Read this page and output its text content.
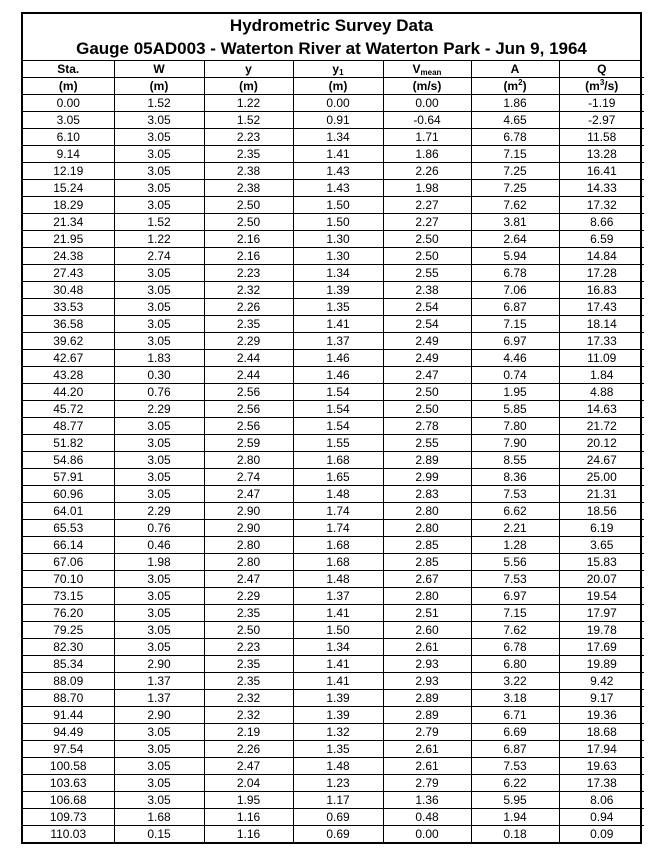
Hydrometric Survey Data
Gauge 05AD003 - Waterton River at Waterton Park - Jun 9, 1964
Sta.	W	y	$y_1$	$V_{mean}$	A	Q
(m)	(m)	(m)	(m)	(m/s)	$(m^2)$	$(m^3/s)$
0.00	1.52	1.22	0.00	0.00	1.86	-1.19
3.05	3.05	1.52	0.91	-0.64	4.65	-2.97
6.10	3.05	2.23	1.34	1.71	6.78	11.58
9.14	3.05	2.35	1.41	1.86	7.15	13.28
12.19	3.05	2.38	1.43	2.26	7.25	16.41
15.24	3.05	2.38	1.43	1.98	7.25	14.33
18.29	3.05	2.50	1.50	2.27	7.62	17.32
21.34	1.52	2.50	1.50	2.27	3.81	8.66
21.95	1.22	2.16	1.30	2.50	2.64	6.59
24.38	2.74	2.16	1.30	2.50	5.94	14.84
27.43	3.05	2.23	1.34	2.55	6.78	17.28
30.48	3.05	2.32	1.39	2.38	7.06	16.83
33.53	3.05	2.26	1.35	2.54	6.87	17.43
36.58	3.05	2.35	1.41	2.54	7.15	18.14
39.62	3.05	2.29	1.37	2.49	6.97	17.33
42.67	1.83	2.44	1.46	2.49	4.46	11.09
43.28	0.30	2.44	1.46	2.47	0.74	1.84
44.20	0.76	2.56	1.54	2.50	1.95	4.88
45.72	2.29	2.56	1.54	2.50	5.85	14.63
48.77	3.05	2.56	1.54	2.78	7.80	21.72
51.82	3.05	2.59	1.55	2.55	7.90	20.12
54.86	3.05	2.80	1.68	2.89	8.55	24.67
57.91	3.05	2.74	1.65	2.99	8.36	25.00
60.96	3.05	2.47	1.48	2.83	7.53	21.31
64.01	2.29	2.90	1.74	2.80	6.62	18.56
65.53	0.76	2.90	1.74	2.80	2.21	6.19
66.14	0.46	2.80	1.68	2.85	1.28	3.65
67.06	1.98	2.80	1.68	2.85	5.56	15.83
70.10	3.05	2.47	1.48	2.67	7.53	20.07
73.15	3.05	2.29	1.37	2.80	6.97	19.54
76.20	3.05	2.35	1.41	2.51	7.15	17.97
79.25	3.05	2.50	1.50	2.60	7.62	19.78
82.30	3.05	2.23	1.34	2.61	6.78	17.69
85.34	2.90	2.35	1.41	2.93	6.80	19.89
88.09	1.37	2.35	1.41	2.93	3.22	9.42
88.70	1.37	2.32	1.39	2.89	3.18	9.17
91.44	2.90	2.32	1.39	2.89	6.71	19.36
94.49	3.05	2.19	1.32	2.79	6.69	18.68
97.54	3.05	2.26	1.35	2.61	6.87	17.94
100.58	3.05	2.47	1.48	2.61	7.53	19.63
103.63	3.05	2.04	1.23	2.79	6.22	17.38
106.68	3.05	1.95	1.17	1.36	5.95	8.06
109.73	1.68	1.16	0.69	0.48	1.94	0.94
110.03	0.15	1.16	0.69	0.00	0.18	0.09
